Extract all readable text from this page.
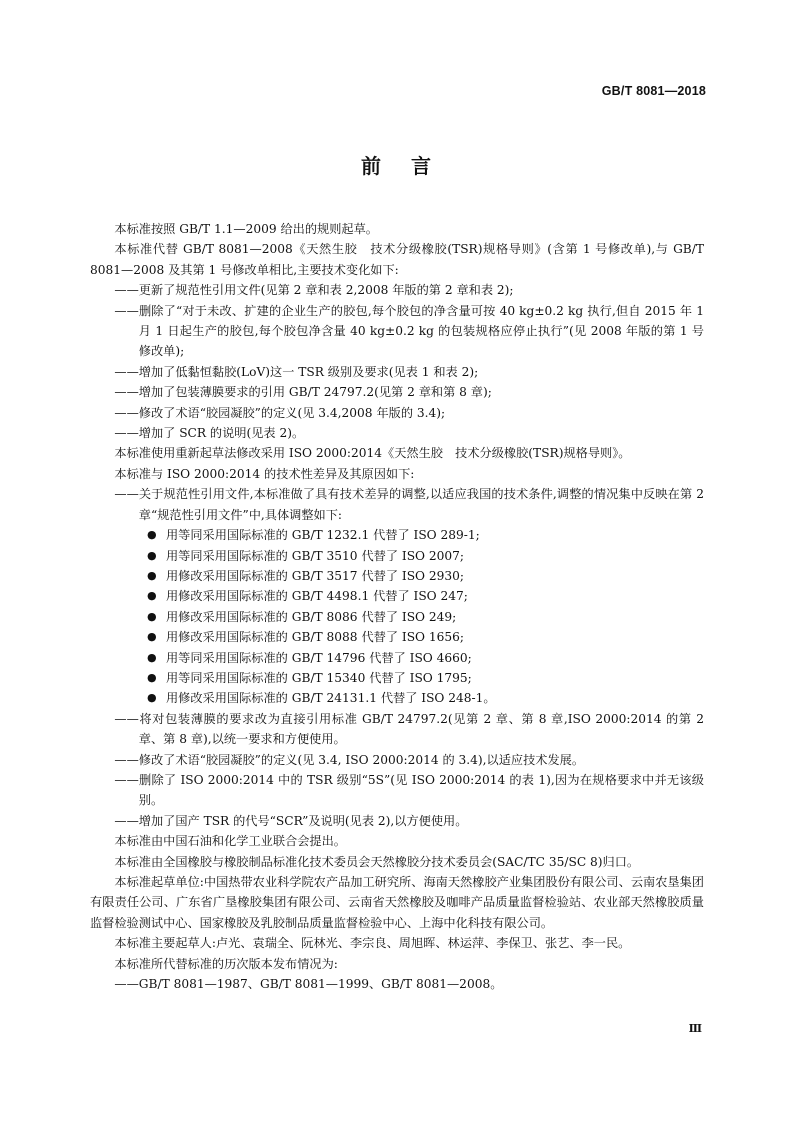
GB/T 8081—2018
前 言

本标准按照 GB/T 1.1—2009 给出的规则起草。

本标准代替 GB/T 8081—2008《天然生胶　技术分级橡胶(TSR)规格导则》(含第 1 号修改单),与 GB/T 8081—2008 及其第 1 号修改单相比,主要技术变化如下:

——更新了规范性引用文件(见第 2 章和表 2,2008 年版的第 2 章和表 2);

——删除了“对于未改、扩建的企业生产的胶包,每个胶包的净含量可按 40 kg±0.2 kg 执行,但自 2015 年 1 月 1 日起生产的胶包,每个胶包净含量 40 kg±0.2 kg 的包装规格应停止执行”(见 2008 年版的第 1 号修改单);

——增加了低黏恒黏胶(LoV)这一 TSR 级别及要求(见表 1 和表 2);

——增加了包装薄膜要求的引用 GB/T 24797.2(见第 2 章和第 8 章);

——修改了术语“胶园凝胶”的定义(见 3.4,2008 年版的 3.4);

——增加了 SCR 的说明(见表 2)。

本标准使用重新起草法修改采用 ISO 2000:2014《天然生胶　技术分级橡胶(TSR)规格导则》。

本标准与 ISO 2000:2014 的技术性差异及其原因如下:

——关于规范性引用文件,本标准做了具有技术差异的调整,以适应我国的技术条件,调整的情况集中反映在第 2 章“规范性引用文件”中,具体调整如下:

● 用等同采用国际标准的 GB/T 1232.1 代替了 ISO 289-1;

● 用等同采用国际标准的 GB/T 3510 代替了 ISO 2007;

● 用修改采用国际标准的 GB/T 3517 代替了 ISO 2930;

● 用修改采用国际标准的 GB/T 4498.1 代替了 ISO 247;

● 用修改采用国际标准的 GB/T 8086 代替了 ISO 249;

● 用修改采用国际标准的 GB/T 8088 代替了 ISO 1656;

● 用等同采用国际标准的 GB/T 14796 代替了 ISO 4660;

● 用等同采用国际标准的 GB/T 15340 代替了 ISO 1795;

● 用修改采用国际标准的 GB/T 24131.1 代替了 ISO 248-1。

——将对包装薄膜的要求改为直接引用标准 GB/T 24797.2(见第 2 章、第 8 章,ISO 2000:2014 的第 2 章、第 8 章),以统一要求和方便使用。

——修改了术语“胶园凝胶”的定义(见 3.4, ISO 2000:2014 的 3.4),以适应技术发展。

——删除了 ISO 2000:2014 中的 TSR 级别“5S”(见 ISO 2000:2014 的表 1),因为在规格要求中并无该级别。

——增加了国产 TSR 的代号“SCR”及说明(见表 2),以方便使用。

本标准由中国石油和化学工业联合会提出。

本标准由全国橡胶与橡胶制品标准化技术委员会天然橡胶分技术委员会(SAC/TC 35/SC 8)归口。

本标准起草单位:中国热带农业科学院农产品加工研究所、海南天然橡胶产业集团股份有限公司、云南农垦集团有限责任公司、广东省广垦橡胶集团有限公司、云南省天然橡胶及咖啡产品质量监督检验站、农业部天然橡胶质量监督检验测试中心、国家橡胶及乳胶制品质量监督检验中心、上海中化科技有限公司。

本标准主要起草人:卢光、袁瑞全、阮林光、李宗良、周旭晖、林运萍、李保卫、张艺、李一民。

本标准所代替标准的历次版本发布情况为:

——GB/T 8081—1987、GB/T 8081—1999、GB/T 8081—2008。

Ⅲ
